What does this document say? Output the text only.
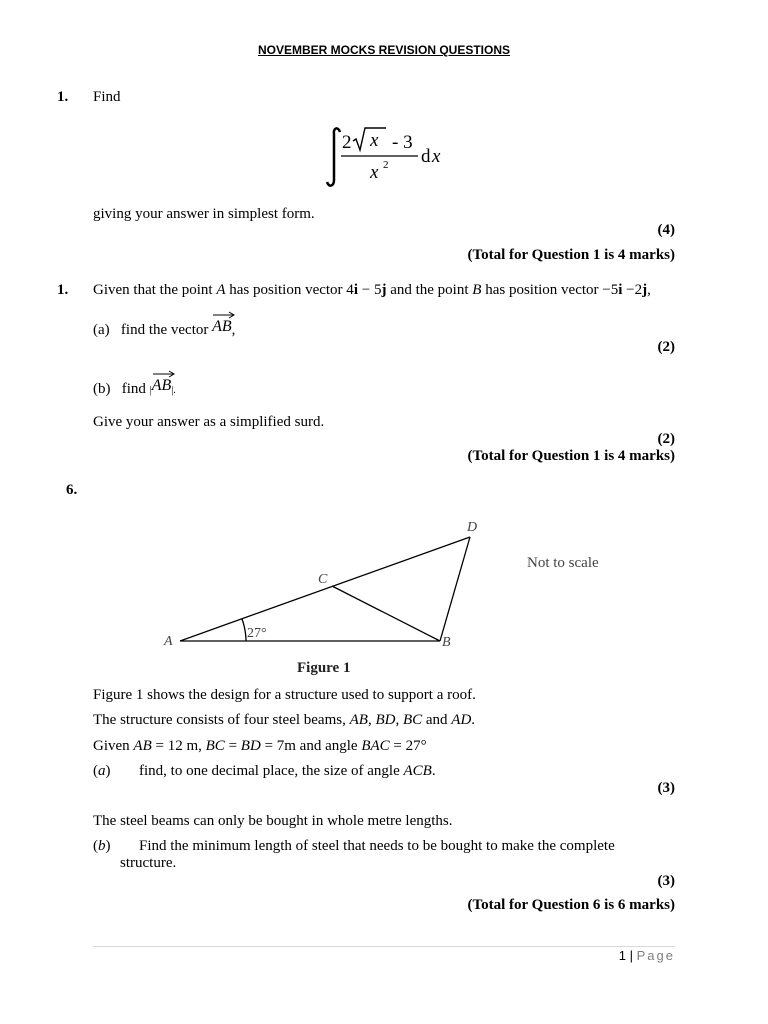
NOVEMBER MOCKS REVISION QUESTIONS
1. Find
2 x - 3
x 2 d x
giving your answer in simplest form.
(4)
(Total for Question 1 is 4 marks)
1. Given that the point A has position vector 4i − 5j and the point B has position vector −5i −2j,
(a) find the vector AB,
(2)
(b) find |
AB|.
Give your answer as a simplified surd.
(2)
(Total for Question 1 is 4 marks)
6.
A	B
C
D
27°
Not to scale
Figure 1
Figure 1 shows the design for a structure used to support a roof.
The structure consists of four steel beams, AB, BD, BC and AD.
Given AB = 12 m, BC = BD = 7m and angle BAC = 27°
(a) find, to one decimal place, the size of angle ACB.
(3)
The steel beams can only be bought in whole metre lengths.
(b) Find the minimum length of steel that needs to be bought to make the complete
structure.
(3)
(Total for Question 6 is 6 marks)
1 | Page
